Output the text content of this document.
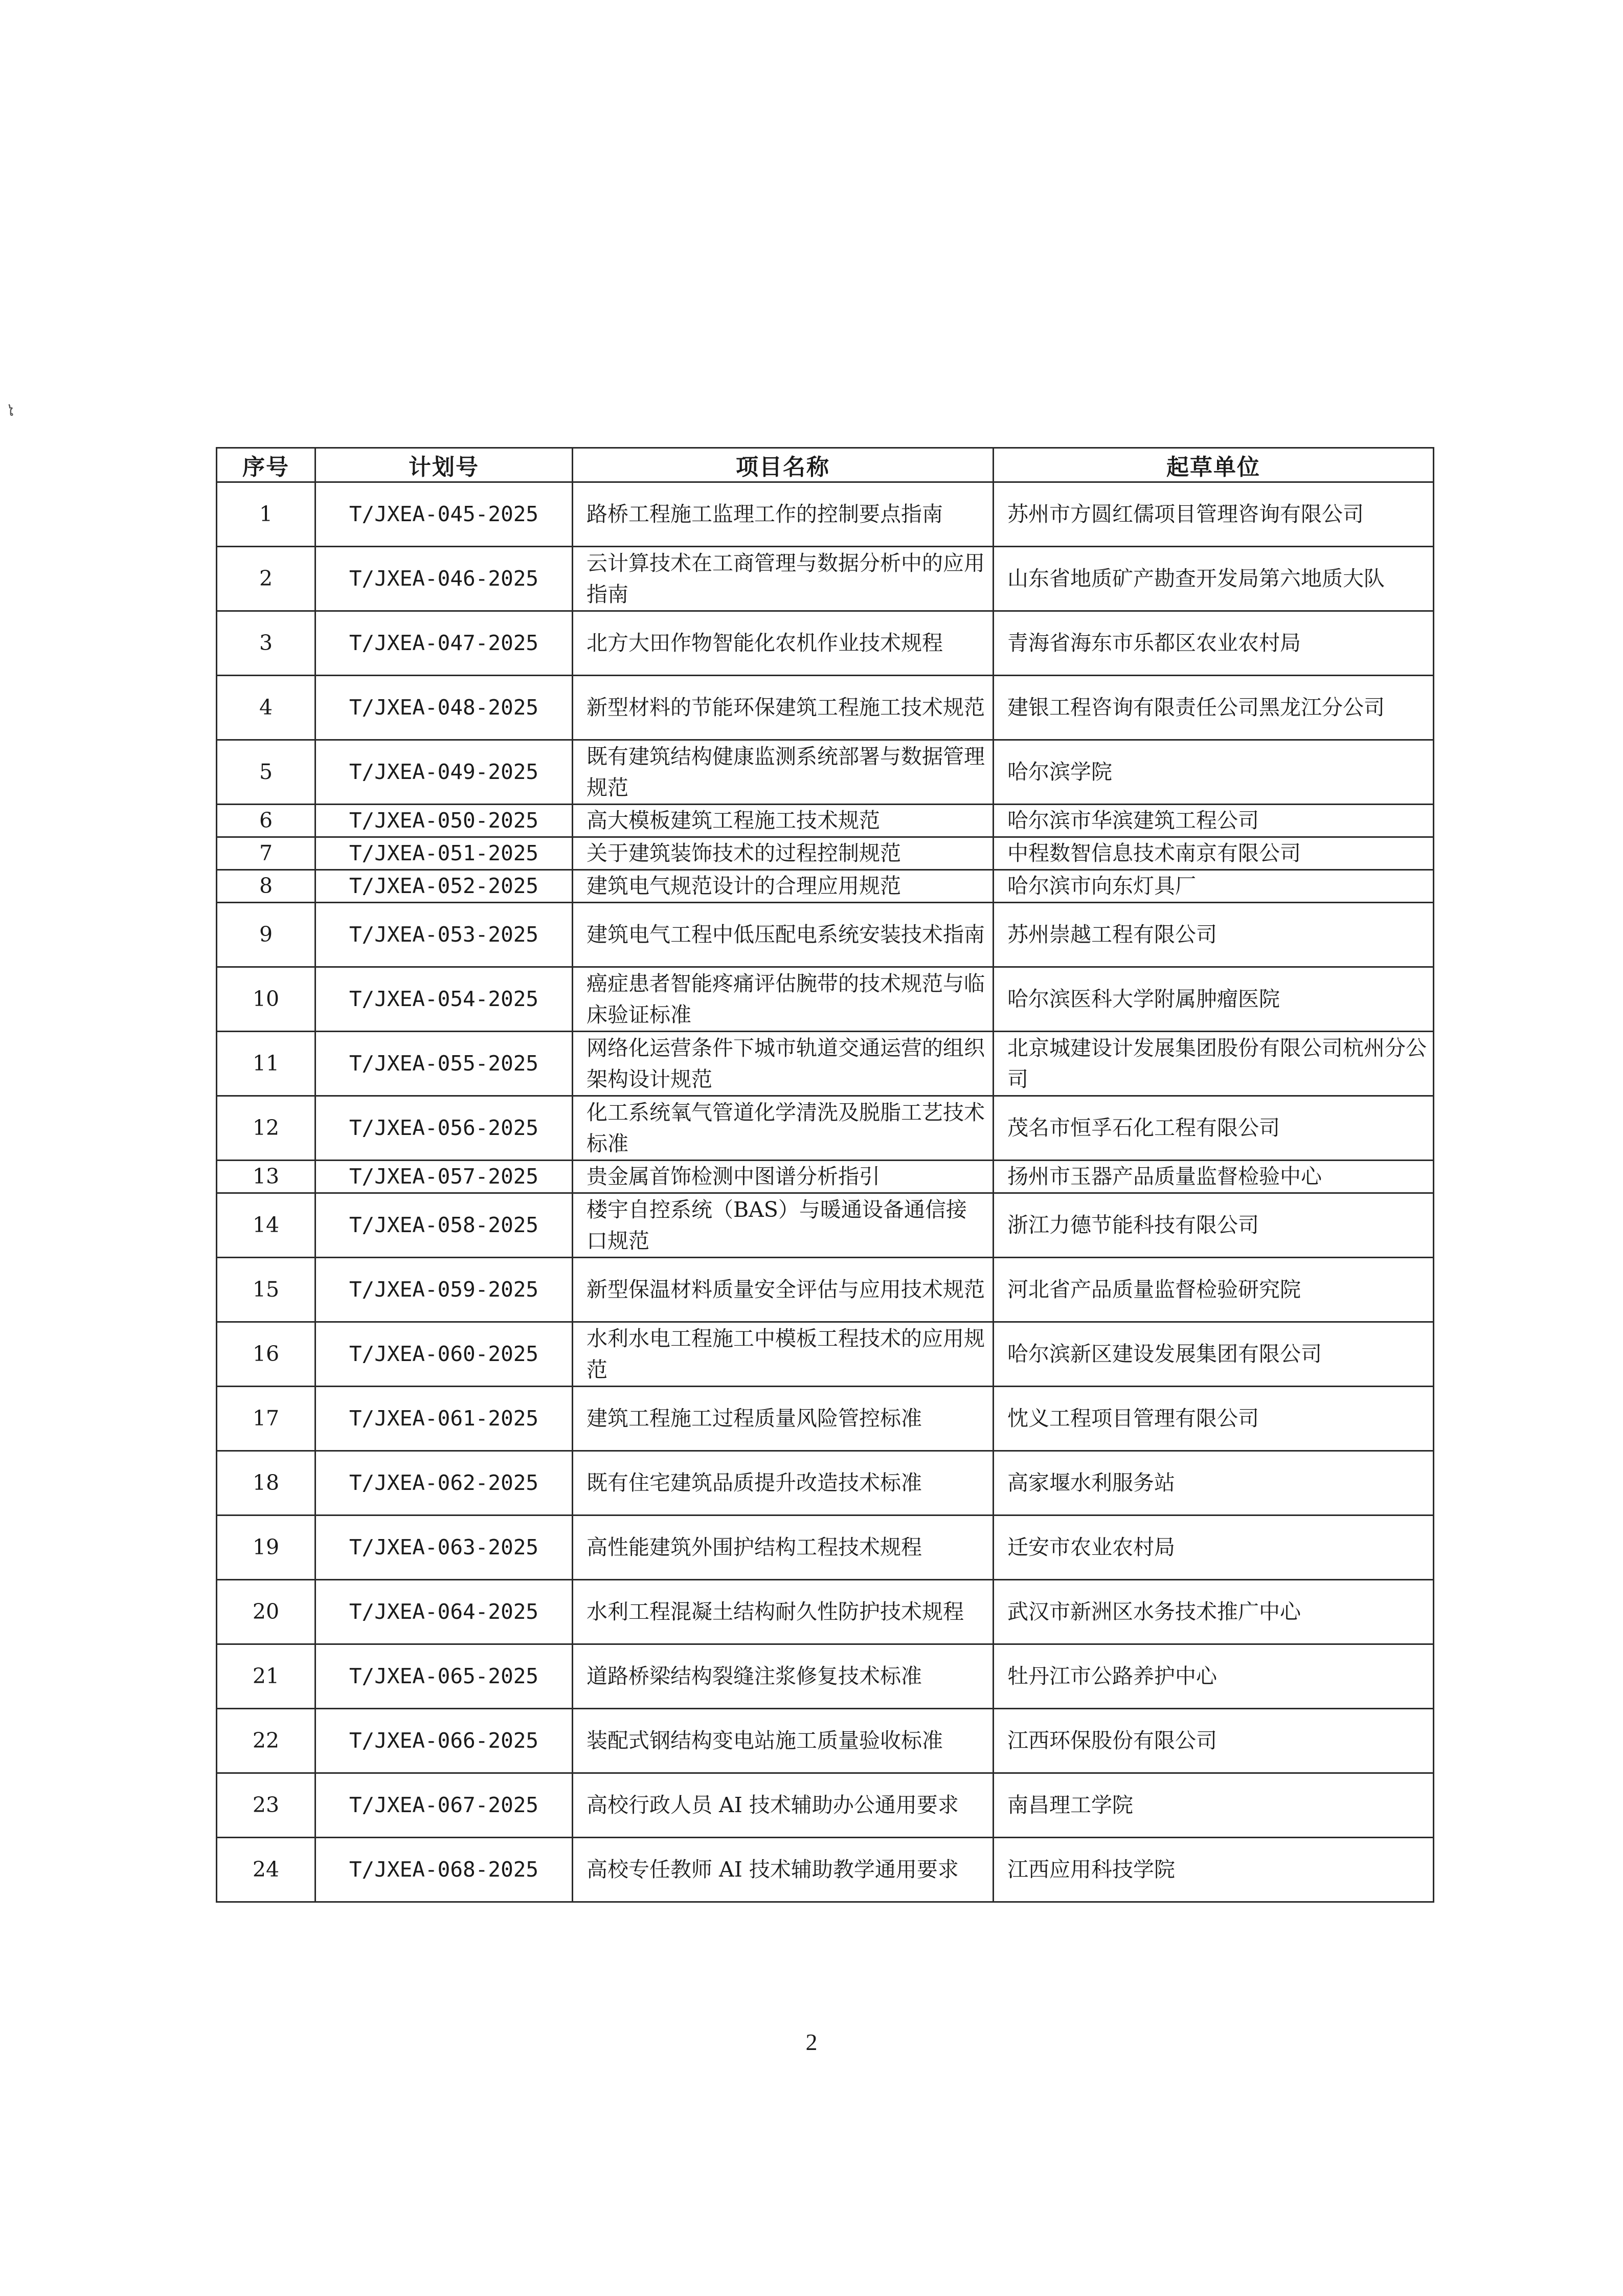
ໄ
序号	计划号	项目名称	起草单位
1	T/JXEA-045-2025	路桥工程施工监理工作的控制要点指南	苏州市方圆红儒项目管理咨询有限公司
2	T/JXEA-046-2025	云计算技术在工商管理与数据分析中的应用指南	山东省地质矿产勘查开发局第六地质大队
3	T/JXEA-047-2025	北方大田作物智能化农机作业技术规程	青海省海东市乐都区农业农村局
4	T/JXEA-048-2025	新型材料的节能环保建筑工程施工技术规范	建银工程咨询有限责任公司黑龙江分公司
5	T/JXEA-049-2025	既有建筑结构健康监测系统部署与数据管理规范	哈尔滨学院
6	T/JXEA-050-2025	高大模板建筑工程施工技术规范	哈尔滨市华滨建筑工程公司
7	T/JXEA-051-2025	关于建筑装饰技术的过程控制规范	中程数智信息技术南京有限公司
8	T/JXEA-052-2025	建筑电气规范设计的合理应用规范	哈尔滨市向东灯具厂
9	T/JXEA-053-2025	建筑电气工程中低压配电系统安装技术指南	苏州崇越工程有限公司
10	T/JXEA-054-2025	癌症患者智能疼痛评估腕带的技术规范与临床验证标准	哈尔滨医科大学附属肿瘤医院
11	T/JXEA-055-2025	网络化运营条件下城市轨道交通运营的组织架构设计规范	北京城建设计发展集团股份有限公司杭州分公司
12	T/JXEA-056-2025	化工系统氧气管道化学清洗及脱脂工艺技术标准	茂名市恒孚石化工程有限公司
13	T/JXEA-057-2025	贵金属首饰检测中图谱分析指引	扬州市玉器产品质量监督检验中心
14	T/JXEA-058-2025	楼宇自控系统（BAS）与暖通设备通信接口规范	浙江力德节能科技有限公司
15	T/JXEA-059-2025	新型保温材料质量安全评估与应用技术规范	河北省产品质量监督检验研究院
16	T/JXEA-060-2025	水利水电工程施工中模板工程技术的应用规范	哈尔滨新区建设发展集团有限公司
17	T/JXEA-061-2025	建筑工程施工过程质量风险管控标准	忱义工程项目管理有限公司
18	T/JXEA-062-2025	既有住宅建筑品质提升改造技术标准	高家堰水利服务站
19	T/JXEA-063-2025	高性能建筑外围护结构工程技术规程	迁安市农业农村局
20	T/JXEA-064-2025	水利工程混凝土结构耐久性防护技术规程	武汉市新洲区水务技术推广中心
21	T/JXEA-065-2025	道路桥梁结构裂缝注浆修复技术标准	牡丹江市公路养护中心
22	T/JXEA-066-2025	装配式钢结构变电站施工质量验收标准	江西环保股份有限公司
23	T/JXEA-067-2025	高校行政人员 AI 技术辅助办公通用要求	南昌理工学院
24	T/JXEA-068-2025	高校专任教师 AI 技术辅助教学通用要求	江西应用科技学院
2
